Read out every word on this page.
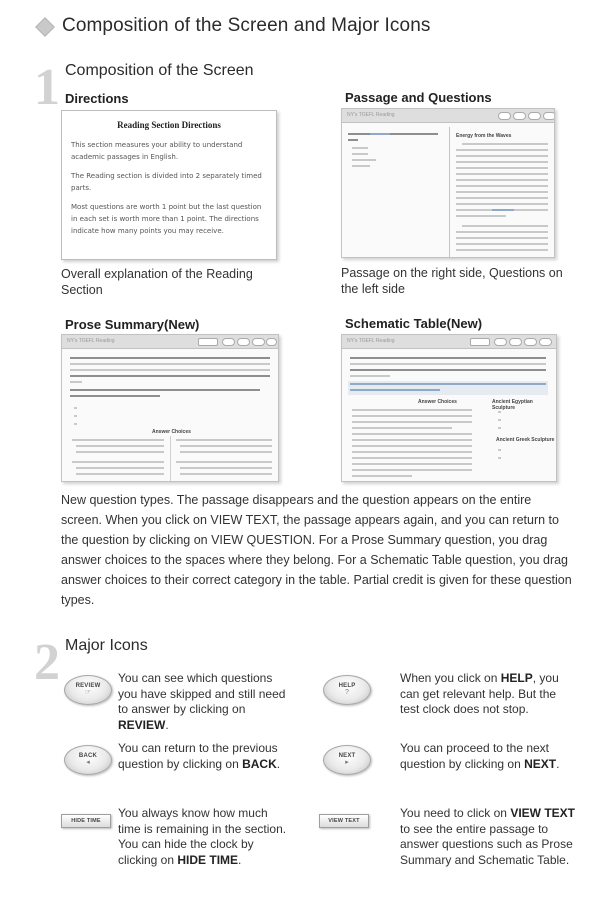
Composition of the Screen and Major Icons
1 Composition of the Screen
Directions	Passage and Questions
Reading Section Directions

This section measures your ability to understand academic passages in English.

The Reading section is divided into 2 separately timed parts.

Most questions are worth 1 point but the last question in each set is worth more than 1 point. The directions indicate how many points you may receive.

Overall explanation of the Reading Section
NY's TOEFL Reading
Energy from the Waves
Passage on the right side, Questions on the left side
Prose Summary(New)	Schematic Table(New)
NY's TOEFL Reading
Answer Choices
NY's TOEFL Reading
Answer Choices	Ancient Egyptian Sculpture
Ancient Greek Sculpture
New question types. The passage disappears and the question appears on the entire screen. When you click on VIEW TEXT, the passage appears again, and you can return to the question by clicking on VIEW QUESTION. For a Prose Summary question, you drag answer choices to the spaces where they belong. For a Schematic Table question, you drag answer choices to their correct category in the table. Partial credit is given for these question types.
2 Major Icons
REVIEW
☞
You can see which questions you have skipped and still need to answer by clicking on REVIEW.
HELP
?
When you click on HELP, you can get relevant help. But the test clock does not stop.
BACK
◂
You can return to the previous question by clicking on BACK.
NEXT
▸
You can proceed to the next question by clicking on NEXT.
HIDE TIME
You always know how much time is remaining in the section. You can hide the clock by clicking on HIDE TIME.
VIEW TEXT
You need to click on VIEW TEXT to see the entire passage to answer questions such as Prose Summary and Schematic Table.
